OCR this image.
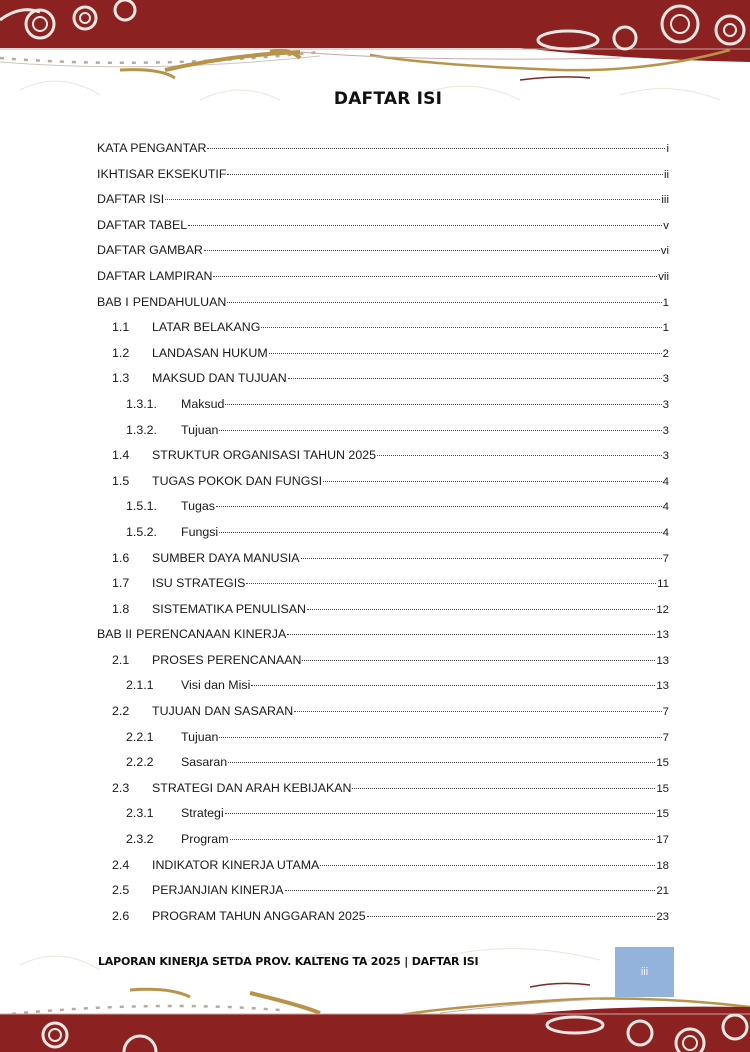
DAFTAR ISI
KATA PENGANTAR	i
IKHTISAR EKSEKUTIF	ii
DAFTAR ISI	iii
DAFTAR TABEL	v
DAFTAR GAMBAR	vi
DAFTAR LAMPIRAN	vii
BAB I PENDAHULUAN	1
1.1	LATAR BELAKANG	1
1.2	LANDASAN HUKUM	2
1.3	MAKSUD DAN TUJUAN	3
1.3.1.	Maksud	3
1.3.2.	Tujuan	3
1.4	STRUKTUR ORGANISASI TAHUN 2025	3
1.5	TUGAS POKOK DAN FUNGSI	4
1.5.1.	Tugas	4
1.5.2.	Fungsi	4
1.6	SUMBER DAYA MANUSIA	7
1.7	ISU STRATEGIS	11
1.8	SISTEMATIKA PENULISAN	12
BAB II PERENCANAAN KINERJA	13
2.1	PROSES PERENCANAAN	13
2.1.1	Visi dan Misi	13
2.2	TUJUAN DAN SASARAN	7
2.2.1	Tujuan	7
2.2.2	Sasaran	15
2.3	STRATEGI DAN ARAH KEBIJAKAN	15
2.3.1	Strategi	15
2.3.2	Program	17
2.4	INDIKATOR KINERJA UTAMA	18
2.5	PERJANJIAN KINERJA	21
2.6	PROGRAM TAHUN ANGGARAN 2025	23
LAPORAN KINERJA SETDA PROV. KALTENG TA 2025 | DAFTAR ISI
iii
